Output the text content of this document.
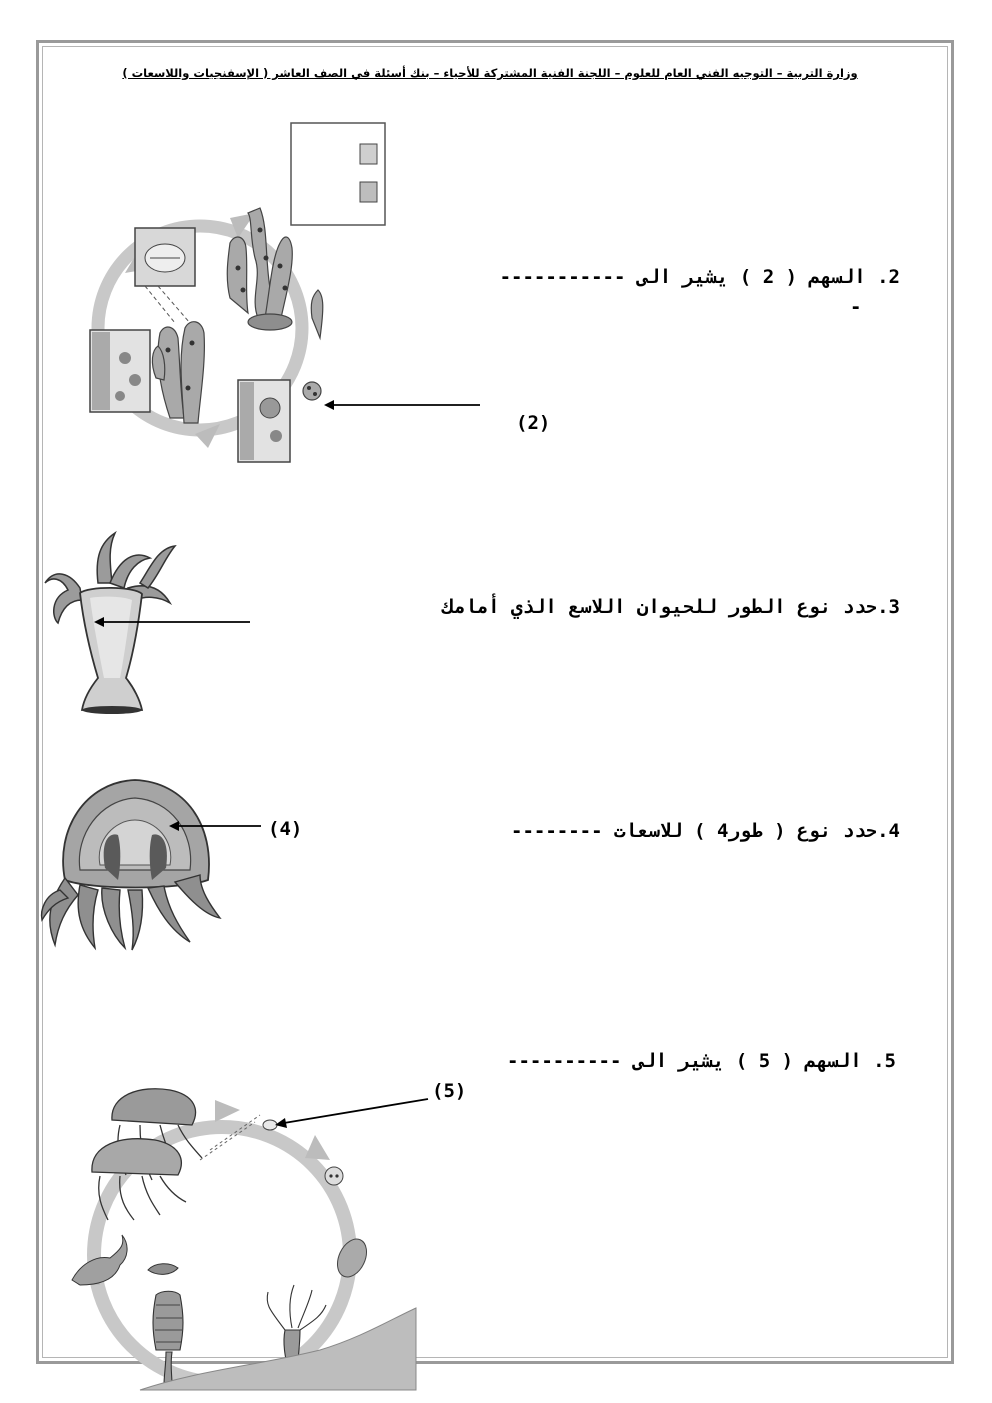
وزارة التربية – التوجيه الفني العام للعلوم – اللجنة الفنية المشتركة للأحياء – بنك أسئلة في الصف العاشر ( الإسفنجيات واللاسعات )
(2)
2. السهم ( 2 ) يشير الى -----------
-
3.حدد نوع الطور للحيوان اللاسع الذي أمامك
(4)	4.حدد نوع ( طور4 ) للاسعات --------
(5)
5. السهم ( 5 ) يشير الى ----------
